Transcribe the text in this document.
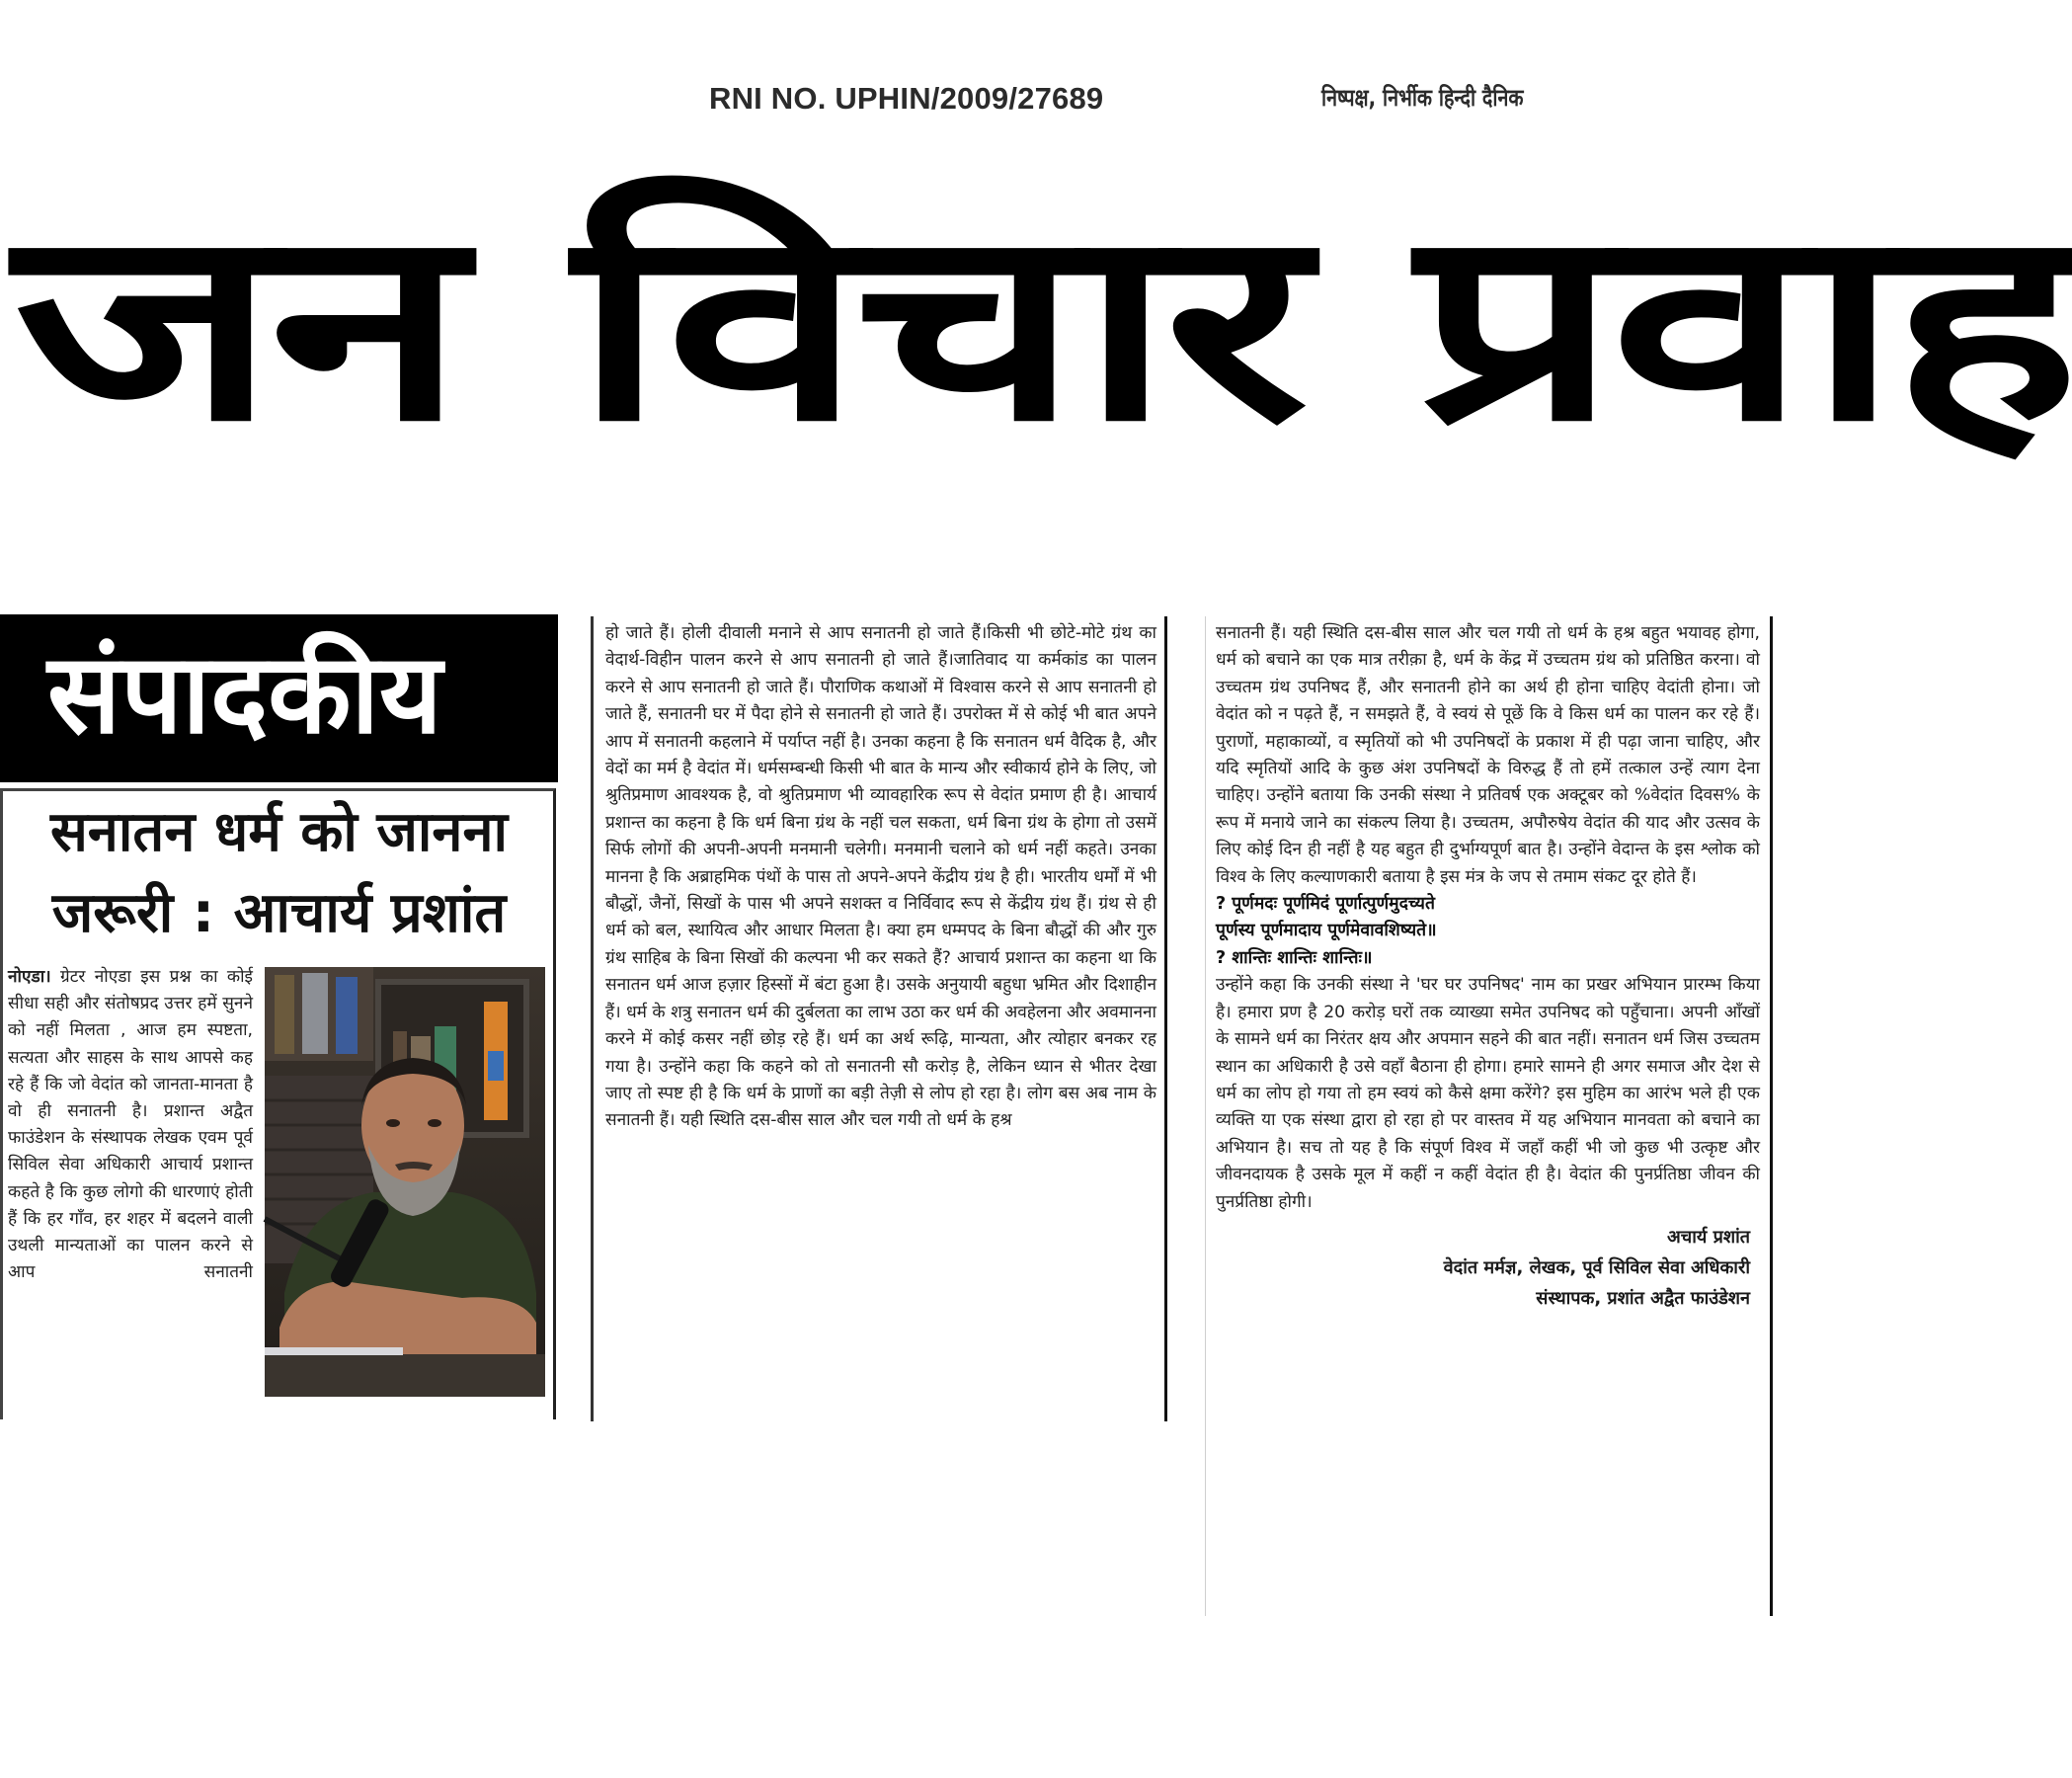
RNI NO. UPHIN/2009/27689	निष्पक्ष, निर्भीक हिन्दी दैनिक
जन विचार प्रवाह
संपादकीय
सनातन धर्म को जानना
जरूरी : आचार्य प्रशांत
नोएडा। ग्रेटर नोएडा इस प्रश्न का कोई सीधा सही और संतोषप्रद उत्तर हमें सुनने को नहीं मिलता , आज हम स्पष्टता, सत्यता और साहस के साथ आपसे कह रहे हैं कि जो वेदांत को जानता-मानता है वो ही सनातनी है। प्रशान्त अद्वैत फाउंडेशन के संस्थापक लेखक एवम पूर्व सिविल सेवा अधिकारी आचार्य प्रशान्त कहते है कि कुछ लोगो की धारणाएं होती हैं कि हर गाँव, हर शहर में बदलने वाली उथली मान्यताओं का पालन करने से आप सनातनी
हो जाते हैं। होली दीवाली मनाने से आप सनातनी हो जाते हैं।किसी भी छोटे-मोटे ग्रंथ का वेदार्थ-विहीन पालन करने से आप सनातनी हो जाते हैं।जातिवाद या कर्मकांड का पालन करने से आप सनातनी हो जाते हैं। पौराणिक कथाओं में विश्वास करने से आप सनातनी हो जाते हैं, सनातनी घर में पैदा होने से सनातनी हो जाते हैं। उपरोक्त में से कोई भी बात अपने आप में सनातनी कहलाने में पर्याप्त नहीं है। उनका कहना है कि सनातन धर्म वैदिक है, और वेदों का मर्म है वेदांत में। धर्मसम्बन्धी किसी भी बात के मान्य और स्वीकार्य होने के लिए, जो श्रुतिप्रमाण आवश्यक है, वो श्रुतिप्रमाण भी व्यावहारिक रूप से वेदांत प्रमाण ही है। आचार्य प्रशान्त का कहना है कि धर्म बिना ग्रंथ के नहीं चल सकता, धर्म बिना ग्रंथ के होगा तो उसमें सिर्फ लोगों की अपनी-अपनी मनमानी चलेगी। मनमानी चलाने को धर्म नहीं कहते। उनका मानना है कि अब्राहमिक पंथों के पास तो अपने-अपने केंद्रीय ग्रंथ है ही। भारतीय धर्मों में भी बौद्धों, जैनों, सिखों के पास भी अपने सशक्त व निर्विवाद रूप से केंद्रीय ग्रंथ हैं। ग्रंथ से ही धर्म को बल, स्थायित्व और आधार मिलता है। क्या हम धम्मपद के बिना बौद्धों की और गुरु ग्रंथ साहिब के बिना सिखों की कल्पना भी कर सकते हैं? आचार्य प्रशान्त का कहना था कि सनातन धर्म आज हज़ार हिस्सों में बंटा हुआ है। उसके अनुयायी बहुधा भ्रमित और दिशाहीन हैं। धर्म के शत्रु सनातन धर्म की दुर्बलता का लाभ उठा कर धर्म की अवहेलना और अवमानना करने में कोई कसर नहीं छोड़ रहे हैं। धर्म का अर्थ रूढ़ि, मान्यता, और त्योहार बनकर रह गया है। उन्होंने कहा कि कहने को तो सनातनी सौ करोड़ है, लेकिन ध्यान से भीतर देखा जाए तो स्पष्ट ही है कि धर्म के प्राणों का बड़ी तेज़ी से लोप हो रहा है। लोग बस अब नाम के सनातनी हैं। यही स्थिति दस-बीस साल और चल गयी तो धर्म के हश्र
सनातनी हैं। यही स्थिति दस-बीस साल और चल गयी तो धर्म के हश्र बहुत भयावह होगा, धर्म को बचाने का एक मात्र तरीक़ा है, धर्म के केंद्र में उच्चतम ग्रंथ को प्रतिष्ठित करना। वो उच्चतम ग्रंथ उपनिषद हैं, और सनातनी होने का अर्थ ही होना चाहिए वेदांती होना। जो वेदांत को न पढ़ते हैं, न समझते हैं, वे स्वयं से पूछें कि वे किस धर्म का पालन कर रहे हैं। पुराणों, महाकाव्यों, व स्मृतियों को भी उपनिषदों के प्रकाश में ही पढ़ा जाना चाहिए, और यदि स्मृतियों आदि के कुछ अंश उपनिषदों के विरुद्ध हैं तो हमें तत्काल उन्हें त्याग देना चाहिए। उन्होंने बताया कि उनकी संस्था ने प्रतिवर्ष एक अक्टूबर को %वेदांत दिवस% के रूप में मनाये जाने का संकल्प लिया है। उच्चतम, अपौरुषेय वेदांत की याद और उत्सव के लिए कोई दिन ही नहीं है यह बहुत ही दुर्भाग्यपूर्ण बात है। उन्होंने वेदान्त के इस श्लोक को विश्व के लिए कल्याणकारी बताया है इस मंत्र के जप से तमाम संकट दूर होते हैं।
? पूर्णमदः पूर्णमिदं पूर्णात्पुर्णमुदच्यते
पूर्णस्य पूर्णमादाय पूर्णमेवावशिष्यते॥
? शान्तिः शान्तिः शान्तिः॥
उन्होंने कहा कि उनकी संस्था ने 'घर घर उपनिषद' नाम का प्रखर अभियान प्रारम्भ किया है। हमारा प्रण है 20 करोड़ घरों तक व्याख्या समेत उपनिषद को पहुँचाना। अपनी आँखों के सामने धर्म का निरंतर क्षय और अपमान सहने की बात नहीं। सनातन धर्म जिस उच्चतम स्थान का अधिकारी है उसे वहाँ बैठाना ही होगा। हमारे सामने ही अगर समाज और देश से धर्म का लोप हो गया तो हम स्वयं को कैसे क्षमा करेंगे? इस मुहिम का आरंभ भले ही एक व्यक्ति या एक संस्था द्वारा हो रहा हो पर वास्तव में यह अभियान मानवता को बचाने का अभियान है। सच तो यह है कि संपूर्ण विश्व में जहाँ कहीं भी जो कुछ भी उत्कृष्ट और जीवनदायक है उसके मूल में कहीं न कहीं वेदांत ही है। वेदांत की पुनर्प्रतिष्ठा जीवन की पुनर्प्रतिष्ठा होगी।
अचार्य प्रशांत
वेदांत मर्मज्ञ, लेखक, पूर्व सिविल सेवा अधिकारी
संस्थापक, प्रशांत अद्वैत फाउंडेशन
